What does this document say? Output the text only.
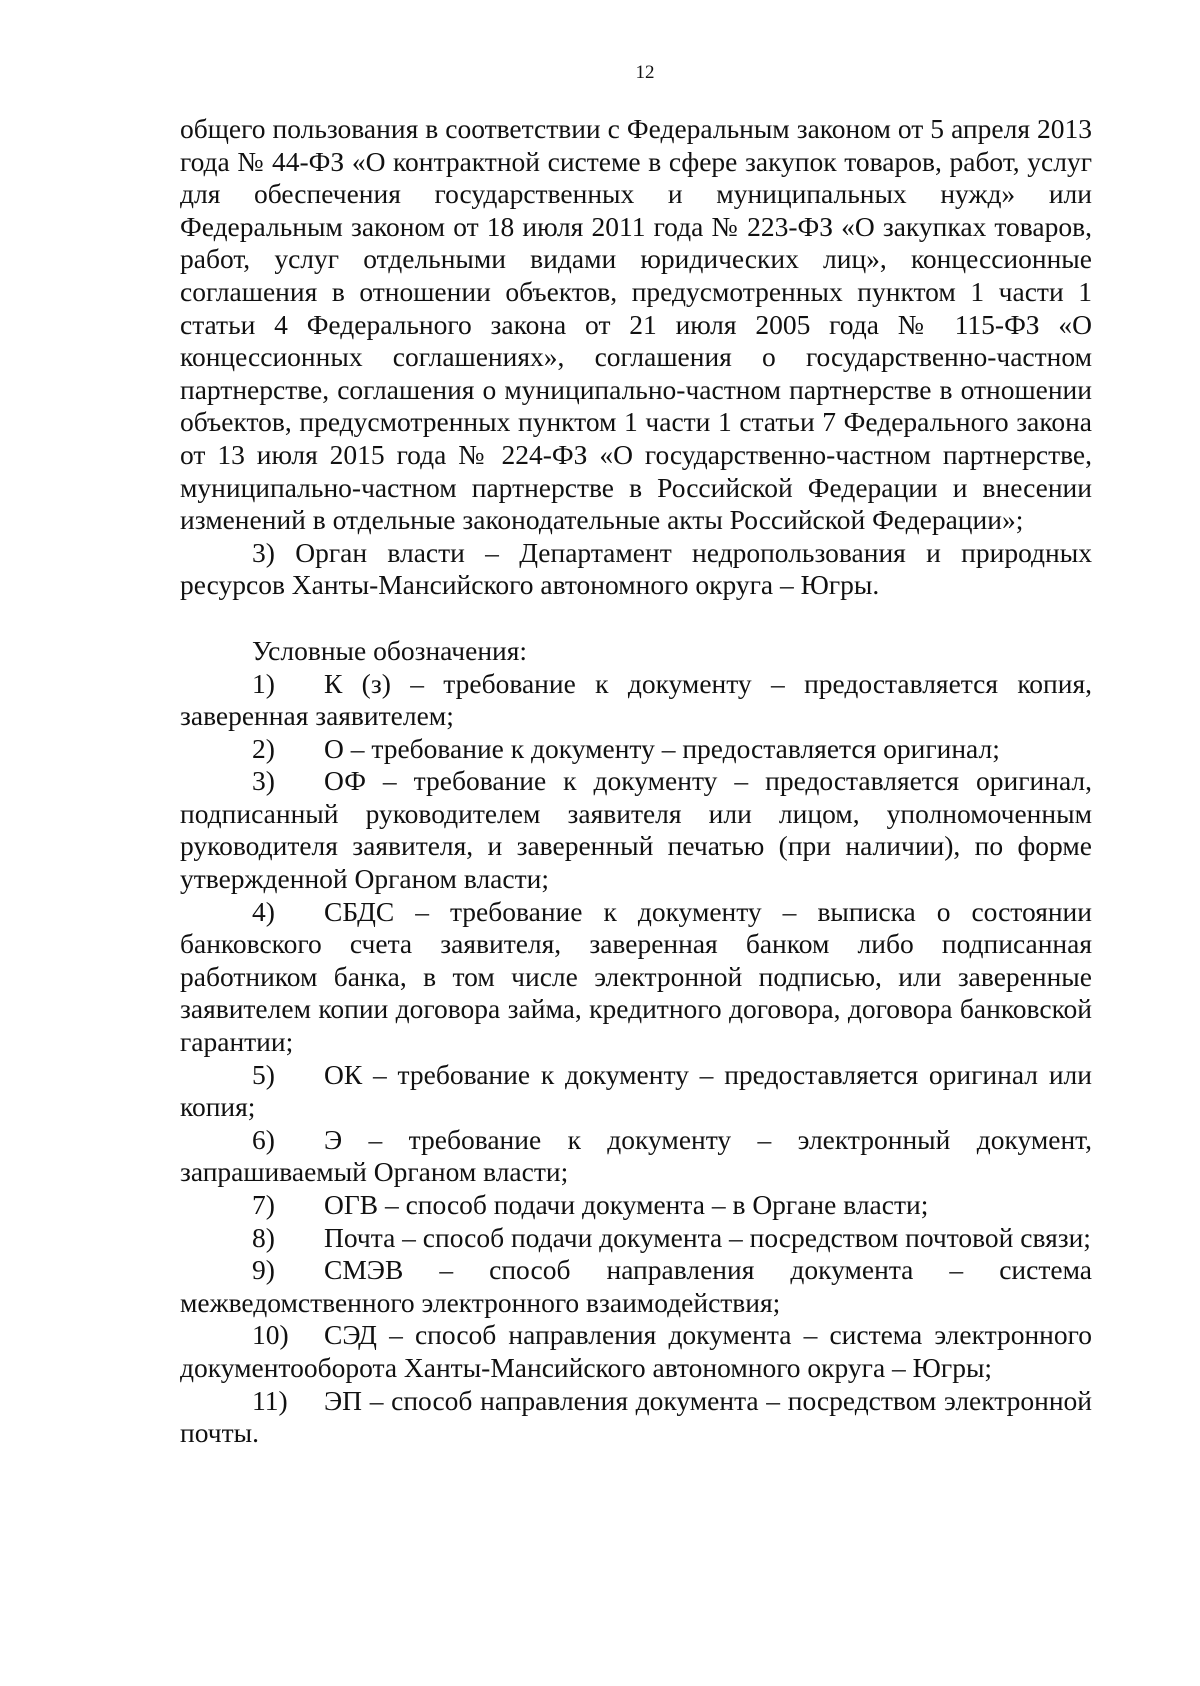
12

общего пользования в соответствии с Федеральным законом от 5 апреля 2013 года № 44-ФЗ «О контрактной системе в сфере закупок товаров, работ, услуг для обеспечения государственных и муниципальных нужд» или Федеральным законом от 18 июля 2011 года № 223-ФЗ «О закупках товаров, работ, услуг отдельными видами юридических лиц», концессионные соглашения в отношении объектов, предусмотренных пунктом 1 части 1 статьи 4 Федерального закона от 21 июля 2005 года № 115-ФЗ «О концессионных соглашениях», соглашения о государственно-частном партнерстве, соглашения о муниципально-частном партнерстве в отношении объектов, предусмотренных пунктом 1 части 1 статьи 7 Федерального закона от 13 июля 2015 года № 224-ФЗ «О государственно-частном партнерстве, муниципально-частном партнерстве в Российской Федерации и внесении изменений в отдельные законодательные акты Российской Федерации»;

3) Орган власти – Департамент недропользования и природных ресурсов Ханты-Мансийского автономного округа – Югры.

Условные обозначения:

1) К (з) – требование к документу – предоставляется копия, заверенная заявителем;

2) О – требование к документу – предоставляется оригинал;

3) ОФ – требование к документу – предоставляется оригинал, подписанный руководителем заявителя или лицом, уполномоченным руководителя заявителя, и заверенный печатью (при наличии), по форме утвержденной Органом власти;

4) СБДС – требование к документу – выписка о состоянии банковского счета заявителя, заверенная банком либо подписанная работником банка, в том числе электронной подписью, или заверенные заявителем копии договора займа, кредитного договора, договора банковской гарантии;

5) ОК – требование к документу – предоставляется оригинал или копия;

6) Э – требование к документу – электронный документ, запрашиваемый Органом власти;

7) ОГВ – способ подачи документа – в Органе власти;

8) Почта – способ подачи документа – посредством почтовой связи;

9) СМЭВ – способ направления документа – система межведомственного электронного взаимодействия;

10) СЭД – способ направления документа – система электронного документооборота Ханты-Мансийского автономного округа – Югры;

11) ЭП – способ направления документа – посредством электронной почты.
